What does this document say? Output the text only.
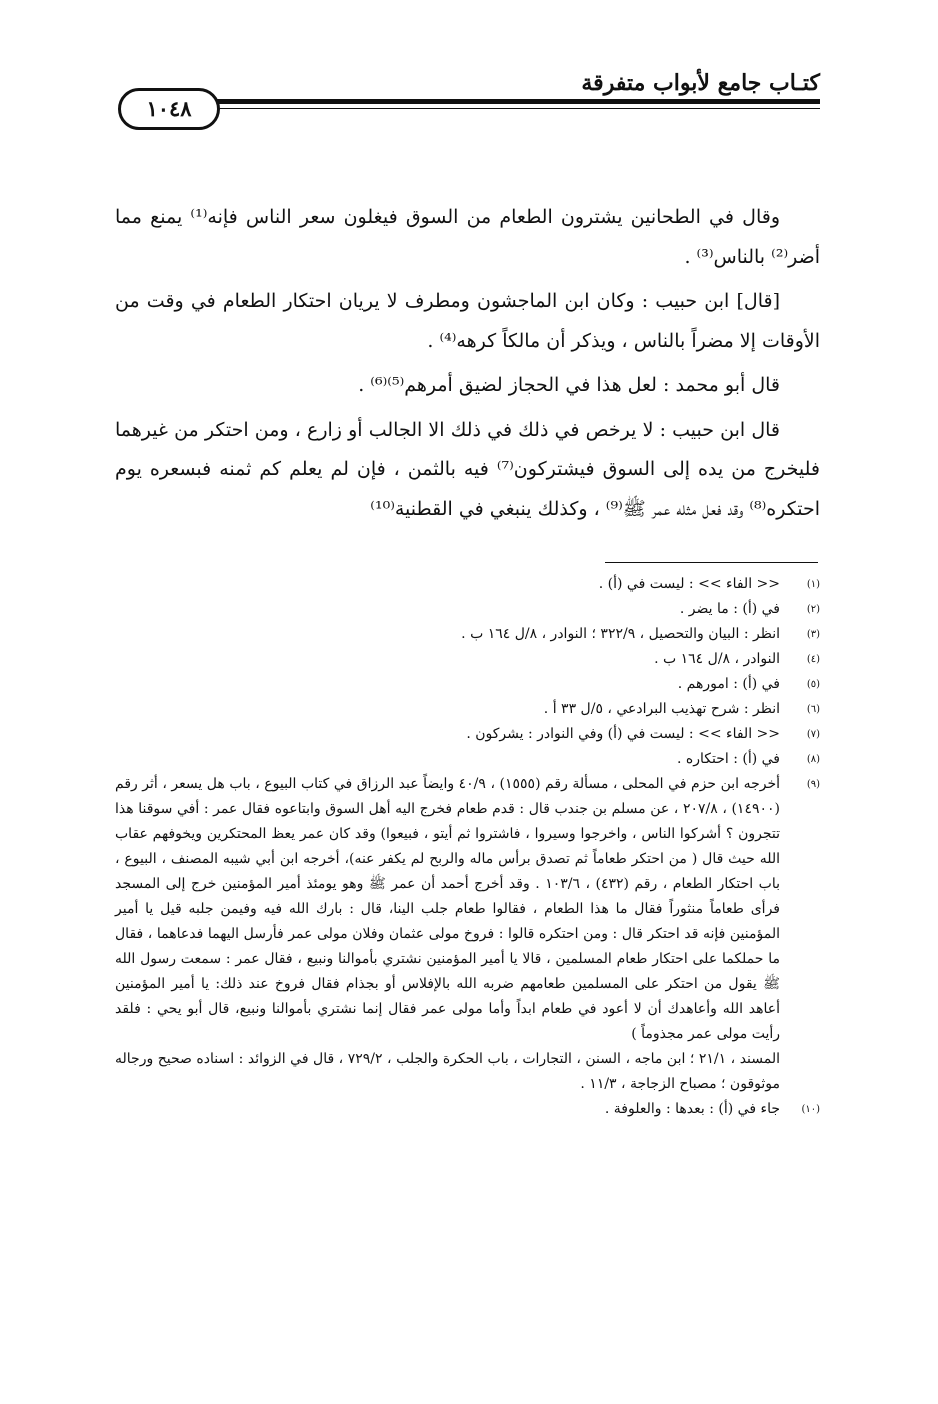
كتـاب جامع لأبواب متفرقة
١٠٤٨

وقال في الطحانين يشترون الطعام من السوق فيغلون سعر الناس فإنه⁽¹⁾ يمنع مما أضر⁽²⁾ بالناس⁽³⁾ .

[قال] ابن حبيب : وكان ابن الماجشون ومطرف لا يريان احتكار الطعام في وقت من الأوقات إلا مضراً بالناس ، ويذكر أن مالكاً كرهه⁽⁴⁾ .

قال أبو محمد : لعل هذا في الحجاز لضيق أمرهم⁽⁵⁾⁽⁶⁾ .

قال ابن حبيب : لا يرخص في ذلك في ذلك الا الجالب أو زارع ، ومن احتكر من غيرهما فليخرج من يده إلى السوق فيشتركون⁽⁷⁾ فيه بالثمن ، فإن لم يعلم كم ثمنه فبسعره يوم احتكره⁽⁸⁾ وقد فعل مثله عمر ﷺ⁽⁹⁾ ، وكذلك ينبغي في القطنية⁽¹⁰⁾

(١)
<< الفاء >> : ليست في (أ) .
(٢)
في (أ) : ما يضر .
(٣)
انظر : البيان والتحصيل ، ٣٢٢/٩ ؛ النوادر ، ٨/ل ١٦٤ ب .
(٤)
النوادر ، ٨/ل ١٦٤ ب .
(٥)
في (أ) : امورهم .
(٦)
انظر : شرح تهذيب البرادعي ، ٥/ل ٣٣ أ .
(٧)
<< الفاء >> : ليست في (أ) وفي النوادر : يشركون .
(٨)
في (أ) : احتكاره .
(٩)
أخرجه ابن حزم في المحلى ، مسألة رقم (١٥٥٥) ، ٤٠/٩ وايضاً عبد الرزاق في كتاب البيوع ، باب هل يسعر ، أثر رقم (١٤٩٠٠) ، ٢٠٧/٨ ، عن مسلم بن جندب قال : قدم طعام فخرج اليه أهل السوق وابتاعوه فقال عمر : أفي سوقنا هذا تتجرون ؟ أشركوا الناس ، واخرجوا وسيروا ، فاشتروا ثم أيتو ، فبيعوا) وقد كان عمر يعظ المحتكرين ويخوفهم عقاب الله حيث قال ( من احتكر طعاماً ثم تصدق برأس ماله والربح لم يكفر عنه)، أخرجه ابن أبي شيبه المصنف ، البيوع ، باب احتكار الطعام ، رقم (٤٣٢) ، ١٠٣/٦ . وقد أخرج أحمد أن عمر ﷺ وهو يومئذ أمير المؤمنين خرج إلى المسجد فرأى طعاماً منثوراً فقال ما هذا الطعام ، فقالوا طعام جلب الينا، قال : بارك الله فيه وفيمن جلبه قيل يا أمير المؤمنين فإنه قد احتكر قال : ومن احتكره قالوا : فروخ مولى عثمان وفلان مولى عمر فأرسل اليهما فدعاهما ، فقال ما حملكما على احتكار طعام المسلمين ، قالا يا أمير المؤمنين نشتري بأموالنا ونبيع ، فقال عمر : سمعت رسول الله ﷺ يقول من احتكر على المسلمين طعامهم ضربه الله بالإفلاس أو بجذام فقال فروخ عند ذلك: يا أمير المؤمنين أعاهد الله وأعاهدك أن لا أعود في طعام ابداً وأما مولى عمر فقال إنما نشتري بأموالنا ونبيع، قال أبو يحي : فلقد رأيت مولى عمر مجذوماً )
المسند ، ٢١/١ ؛ ابن ماجه ، السنن ، التجارات ، باب الحكرة والجلب ، ٧٢٩/٢ ، قال في الزوائد : اسناده صحيح ورجاله موثوقون ؛ مصباح الزجاجة ، ١١/٣ .
(١٠)
جاء في (أ) : بعدها : والعلوفة .
